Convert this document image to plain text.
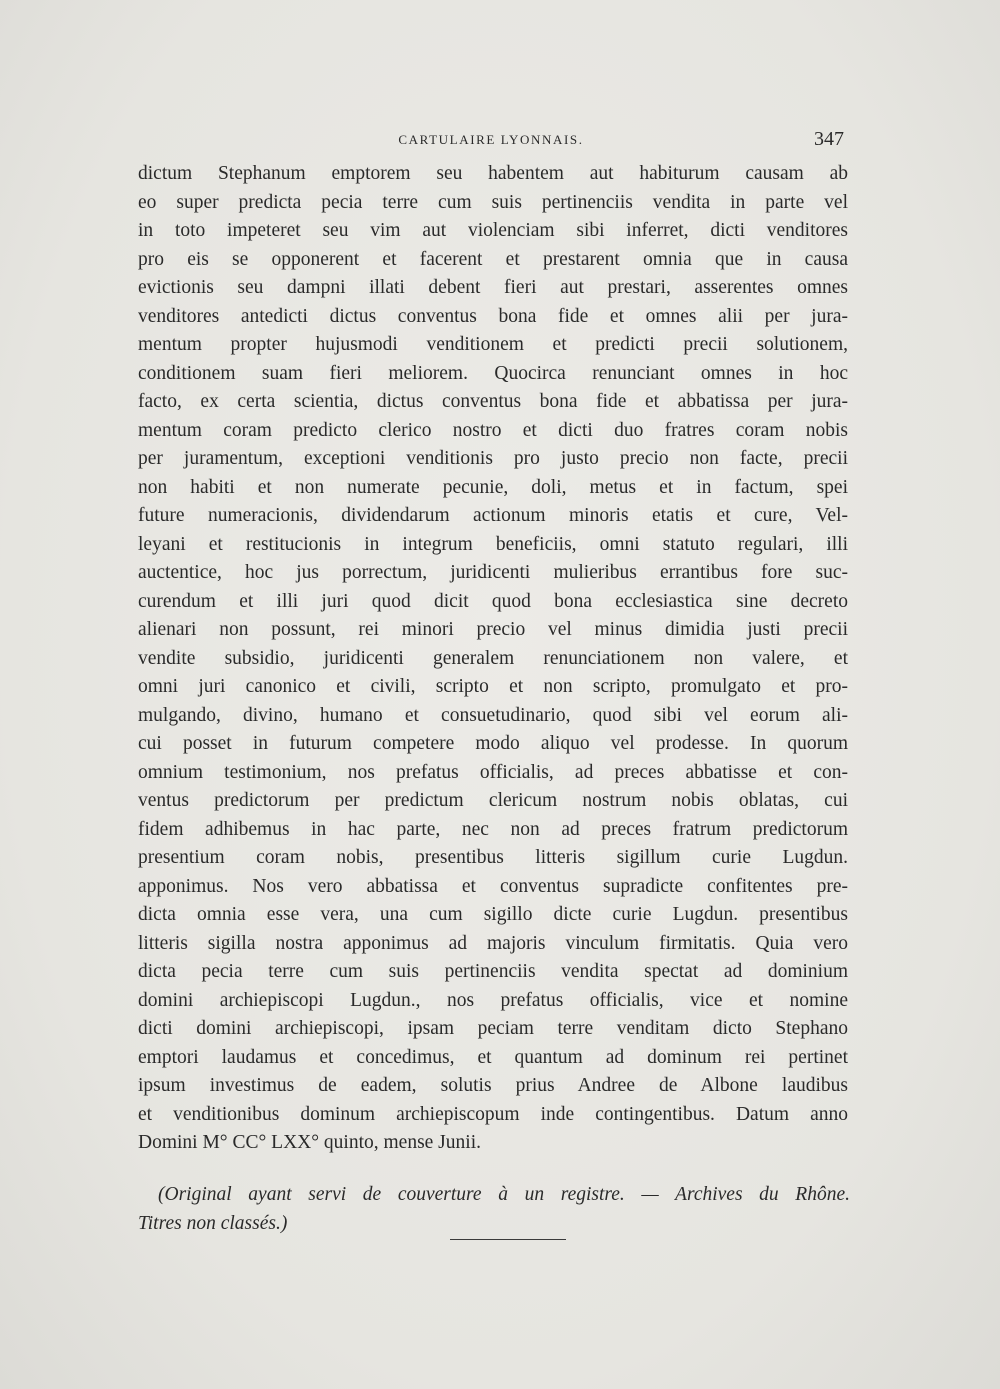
CARTULAIRE LYONNAIS.	347
dictum Stephanum emptorem seu habentem aut habiturum causam ab
eo super predicta pecia terre cum suis pertinenciis vendita in parte vel
in toto impeteret seu vim aut violenciam sibi inferret, dicti venditores
pro eis se opponerent et facerent et prestarent omnia que in causa
evictionis seu dampni illati debent fieri aut prestari, asserentes omnes
venditores antedicti dictus conventus bona fide et omnes alii per jura-
mentum propter hujusmodi venditionem et predicti precii solutionem,
conditionem suam fieri meliorem. Quocirca renunciant omnes in hoc
facto, ex certa scientia, dictus conventus bona fide et abbatissa per jura-
mentum coram predicto clerico nostro et dicti duo fratres coram nobis
per juramentum, exceptioni venditionis pro justo precio non facte, precii
non habiti et non numerate pecunie, doli, metus et in factum, spei
future numeracionis, dividendarum actionum minoris etatis et cure, Vel-
leyani et restitucionis in integrum beneficiis, omni statuto regulari, illi
auctentice, hoc jus porrectum, juridicenti mulieribus errantibus fore suc-
curendum et illi juri quod dicit quod bona ecclesiastica sine decreto
alienari non possunt, rei minori precio vel minus dimidia justi precii
vendite subsidio, juridicenti generalem renunciationem non valere, et
omni juri canonico et civili, scripto et non scripto, promulgato et pro-
mulgando, divino, humano et consuetudinario, quod sibi vel eorum ali-
cui posset in futurum competere modo aliquo vel prodesse. In quorum
omnium testimonium, nos prefatus officialis, ad preces abbatisse et con-
ventus predictorum per predictum clericum nostrum nobis oblatas, cui
fidem adhibemus in hac parte, nec non ad preces fratrum predictorum
presentium coram nobis, presentibus litteris sigillum curie Lugdun.
apponimus. Nos vero abbatissa et conventus supradicte confitentes pre-
dicta omnia esse vera, una cum sigillo dicte curie Lugdun. presentibus
litteris sigilla nostra apponimus ad majoris vinculum firmitatis. Quia vero
dicta pecia terre cum suis pertinenciis vendita spectat ad dominium
domini archiepiscopi Lugdun., nos prefatus officialis, vice et nomine
dicti domini archiepiscopi, ipsam peciam terre venditam dicto Stephano
emptori laudamus et concedimus, et quantum ad dominum rei pertinet
ipsum investimus de eadem, solutis prius Andree de Albone laudibus
et venditionibus dominum archiepiscopum inde contingentibus. Datum anno
Domini M° CC° LXX° quinto, mense Junii.
(Original ayant servi de couverture à un registre. — Archives du Rhône.
Titres non classés.)
